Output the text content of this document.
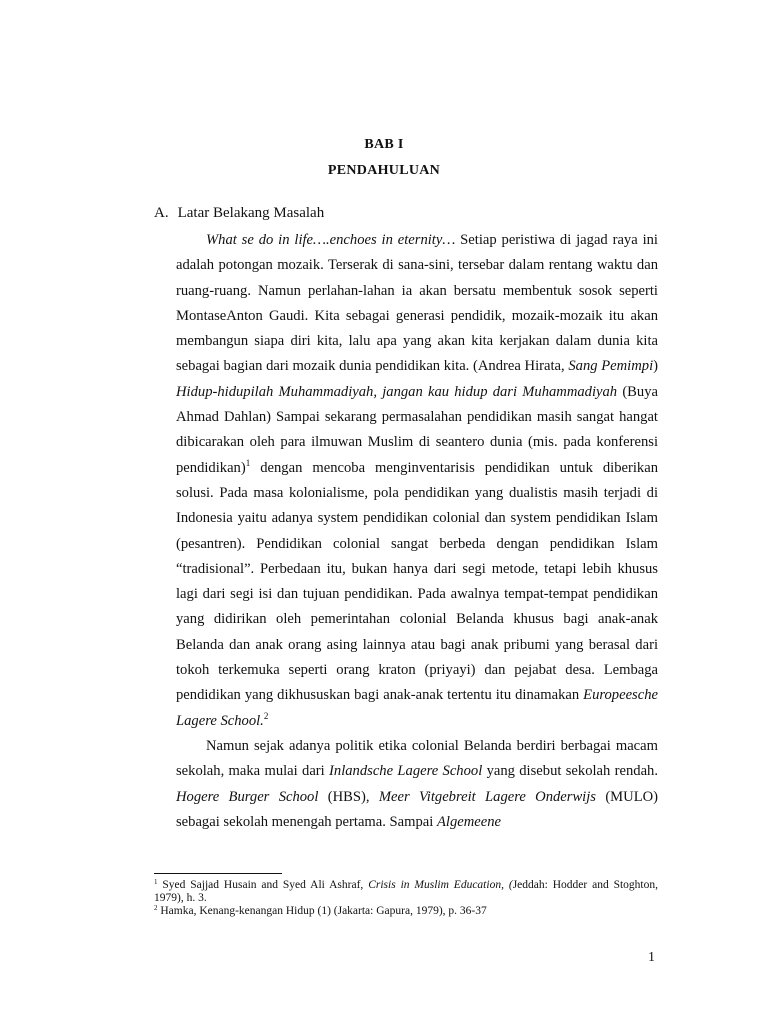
BAB I
PENDAHULUAN
A. Latar Belakang Masalah

What se do in life….enchoes in eternity… Setiap peristiwa di jagad raya ini adalah potongan mozaik. Terserak di sana-sini, tersebar dalam rentang waktu dan ruang-ruang. Namun perlahan-lahan ia akan bersatu membentuk sosok seperti MontaseAnton Gaudi. Kita sebagai generasi pendidik, mozaik-mozaik itu akan membangun siapa diri kita, lalu apa yang akan kita kerjakan dalam dunia kita sebagai bagian dari mozaik dunia pendidikan kita. (Andrea Hirata, Sang Pemimpi) Hidup-hidupilah Muhammadiyah, jangan kau hidup dari Muhammadiyah (Buya Ahmad Dahlan) Sampai sekarang permasalahan pendidikan masih sangat hangat dibicarakan oleh para ilmuwan Muslim di seantero dunia (mis. pada konferensi pendidikan)$^1$ dengan mencoba menginventarisis pendidikan untuk diberikan solusi. Pada masa kolonialisme, pola pendidikan yang dualistis masih terjadi di Indonesia yaitu adanya system pendidikan colonial dan system pendidikan Islam (pesantren). Pendidikan colonial sangat berbeda dengan pendidikan Islam “tradisional”. Perbedaan itu, bukan hanya dari segi metode, tetapi lebih khusus lagi dari segi isi dan tujuan pendidikan. Pada awalnya tempat-tempat pendidikan yang didirikan oleh pemerintahan colonial Belanda khusus bagi anak-anak Belanda dan anak orang asing lainnya atau bagi anak pribumi yang berasal dari tokoh terkemuka seperti orang kraton (priyayi) dan pejabat desa. Lembaga pendidikan yang dikhususkan bagi anak-anak tertentu itu dinamakan Europeesche Lagere School.$^2$

Namun sejak adanya politik etika colonial Belanda berdiri berbagai macam sekolah, maka mulai dari Inlandsche Lagere School yang disebut sekolah rendah. Hogere Burger School (HBS), Meer Vitgebreit Lagere Onderwijs (MULO) sebagai sekolah menengah pertama. Sampai Algemeene

$^1$ Syed Sajjad Husain and Syed Ali Ashraf, Crisis in Muslim Education, (Jeddah: Hodder and Stoghton, 1979), h. 3.

$^2$ Hamka, Kenang-kenangan Hidup (1) (Jakarta: Gapura, 1979), p. 36-37

1
